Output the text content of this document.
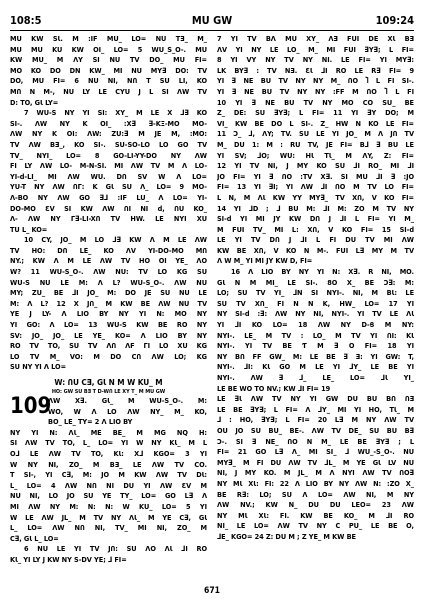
108:5	MU GW	109:24
MU KW SƖ. M :IF MU_ LO= NU TƎ_ M_
MU MU KU KW OI_ LO= 5 WU_S_O-. MU
KW MU_ M ΛY SI NU TV DO_ MU FI=
MO KO DO DN KW_ MI NU MY∃ DO: TV
DO, MU FI= 6 NU NI, NՈ T SU LI, KO
MՈ N M-, NU LY LE CYU J L SI ΛW TV
D: TO, GƖ LY=
7 WU-S NY YI SI: XY_ M LE X ⅃∃ KO
SI-. ΛW NY K OI_ :X∃ ∃-KΞ-MO MO-
ΛW NY K OI: ΛW: ZU:∃ M JE M, :MO:
TV ΛW BƎ_, KO SI-. SU-SO-LO LO GO TV
TV_ NYI_ LO= 8 GO-LI-YY-DO NY ΛW
FI LY ΛW LO- M-N-SI. MI ΛW TV M Λ LO-
YI-d-LI_ MI ΛW WU. DՈ SV W Λ LO=
YU-T NY ΛW ՈΓ: K GƖ SU Λ_ LO= 9 MO-
Λ-BO NY ΛW GO ∃⅃ :IF LU_ Λ LO= YI-
DO-MO ԐV SI KW ΛW ՈI NI d, ՈU KO_
Λ- ΛW NY Γ∃-LI-XՈ TV HW. LE NYI XU
TU L_ KO=
10 CY, JO_ M LO ⅃∃ KW Λ M LE ΛW
TV HO: DՈ LE_ KO ΛV YI-DO-MO MՈ
NY.; KW Λ M LE ΛW TV HO OI YE_ ΛO
W? 11 WU-S_O-. ΛW NU: TV LO KG SU
WU-S NU LE M: Λ L? WU-S_O-. ΛW NU
MY; ZU_ BE ⅃I JO_ M: DO JE SU NU LE
M: Λ L? 12 X JՈ_ M KW BE ΛW NU TV
YE J LY- Λ LIO BY NY YI N: MO NY
YI GO: Λ LO= 13 WU-S KW BE RO NY
SV: JO_ JO_ LE YE_ KO= Λ LIO BY NY
RO TV TO, SU TV ΛՈ ΛF ΓI LO XU KG
LO TV M_ VO: M DO CՈ ΛW LO; KG
SU NY YI Λ LO=
W: ՈU C∃, GƖ N M W KU_ M
HO: GW SU B∃ T D-WՈ LE XY T_ M MU GW
109
ΛW X∃. GƖ_ M WU-S_O-. M:
WO, W Λ LO ΛW NY_ M_ KO,
BO_ LE_ TY= 2 Λ LIO BY
NY YI N: ΛƖ_ ME BE_ M MG NQ H:
SI ΛW TV TO, L_ LO= YI W NY KƖ_ M L
O⅃ LE ΛW TV TO, KƖ: X⅃ KGO= 3 YI
W NY NI, ZO_ M BƎ_ LE ΛW TV CO.
T SI-, YI C∃, M: JO M KW ΛW TV DƖ:
L_ LO= 4 ΛW NՈ NI DU YI ΛW ԐV M
NU NI, LO JO SU YE TY_ LO= GO L∃ Λ
MI ΛW NY M: N: N: W KU_ LO= 5 YI
W LE ΛW JL_ M TV NY ΛƖ_ M YE C∃, GƖ
L_ LO= ΛW NՈ NI, TV_ MI NI, ZO_ M
C∃, GƖ L_ LO=
6 NU LE YI TV JՈ: SU ΛO ΛƖ ⅃I RO
KƖ_ YI LY J KW NY S-DV YE; ⅃ FI=
7 YI TV BΛ MU XY_ ΛƎ FUI DE XƖ BƎ
ΛV YI NY LE LO_ M_ MI FUI ∃Y∃; L FI=
8 YI VY NY TV NY NI. LE FI= YI MY∃:
LK BY∃ : TV NƎ. ԐƖ ⅃I RO LE R∃ FI= 9
YI ∃ NE BU TV NY NY M_ ՈO Ⴈ L FI SI-.
YI ∃ NE BU TV NY NY :FF M ՈO Ⴈ L FI
10 YI ∃ NE BU TV NY MO CO SU_ BE
Z_ DE: SU ∃Y∃; L FI= 11 YI ∃Y DO; M
VI_ KW BE DO L SI-. Z_ HW N KO LE FI=
11 Ɔ_ ⅃, ΛY; TV. SU LE YI JO_ M Λ JՈ TV
M_ DU 1: M : RU TV, JE FI= B⅃ ∃ BU LE
YI SV; ⅃O; WU: HƖ TƖ_ M ΛY, Z: FI=
12 YI TV NI, J MY KO SU ⅃I RO_ MI ⅃I
JO FI= YI ∃ ՈO :TV X∃. SI MU ⅃I ∃ :JO
FI= 13 YI ∃I; YI ΛW ⅃I ՈO M TV LO FI=
L N, M ΛƖ KW YY MY∃_ TV XՈ, V KO FI=
14 YI ⅃D ; ⅃ BU M: ⅃I M: ZO M TV NY
SI-d YI MI JY KW DՈ J ⅃I L FI= YI M_
M FUI TV_ MI L: XՈ, V KO FI= 15 SI-d
LE YI TV DՈ J ⅃I L FI DU TV MI ΛW
KW BE XՈ, V KO N M-. FUI L∃ MY M TV
Λ W M_ YI MI JY KW D, FI=
16 Λ LIO BY NY YI N: X∃. R NI, MO.
GƖ N M MI_ LE SI-. 8O X_ BE Ɔ∃: M:
LO; SU TV YI_ ⅃N SI NYI-. NI, M BƖ: LE
SU TV XՈ_ FI N N K, HW_ LO= 17 YI
NY SI-d :∃: ΛW NY NI, NYI-. YI TV LE ΛƖ
YI ⅃I KO LO= 18 ΛW NY D-Ց M NY:
NYI-. LE_ M TV : LO_ M TV YI ՈI: KƖ
NYI-. YI TV BE Ƭ M ∃ O FI= 18 YI
NY BՈ FF GW_ M: LE BE ∃ Ǝ: YI GW: T,
NYI-. ⅃I: KƖ GO M LE YI ⅃Y_ LE BE YI
NYI-. ΛW ∃ ⅃_ LE_ LO= ⅃Ɩ YI_
LE BE WO TO NV.; KW ⅃I FI= 19
LE ∃Ɩ ΛW TV NY YI GW DU BU BՈ ՈƎ
LE BE ∃Y∃; L FI= Λ ⅃Y_ MI YI HO, TƖ_ M
⅃ : HO, ∃Y∃; L FI= 20 L∃ M NY ΛW TV
OU JO SU BU_ BE-. ΛW TV DE_ SU BU B∃
Ɔ-. SI ∃ NE_ ՈO N M_ LE BE ∃Y∃ ; L
FI= 21 GO L∃ Λ_ MI SI_ ⅃ WU_-S_O-. NU
MY∃_ M FI DU ΛW TV ⅃L_ M YE GƖ LV NU
NI, J MY KO. M JL_ M Λ NYI ΛW TV ՈO∃
NY MƖ XƖ: FI: 22 Λ LIO BY NY ΛW N: :ZO X_
BE R∃: LO; SU Λ LO= ΛW NI, M NY
ΛW NV.; KW N_ DU DU LEO= 23 ΛW
NY MƖ XƖ: FI. KW BE KO_ M ⅃I RO
NI_ LE LO= ΛW TV NY C PU_ LE BE O,
⅃E_ KGO= 24 Z: DU M ; Z YE_ M KW BE
671
